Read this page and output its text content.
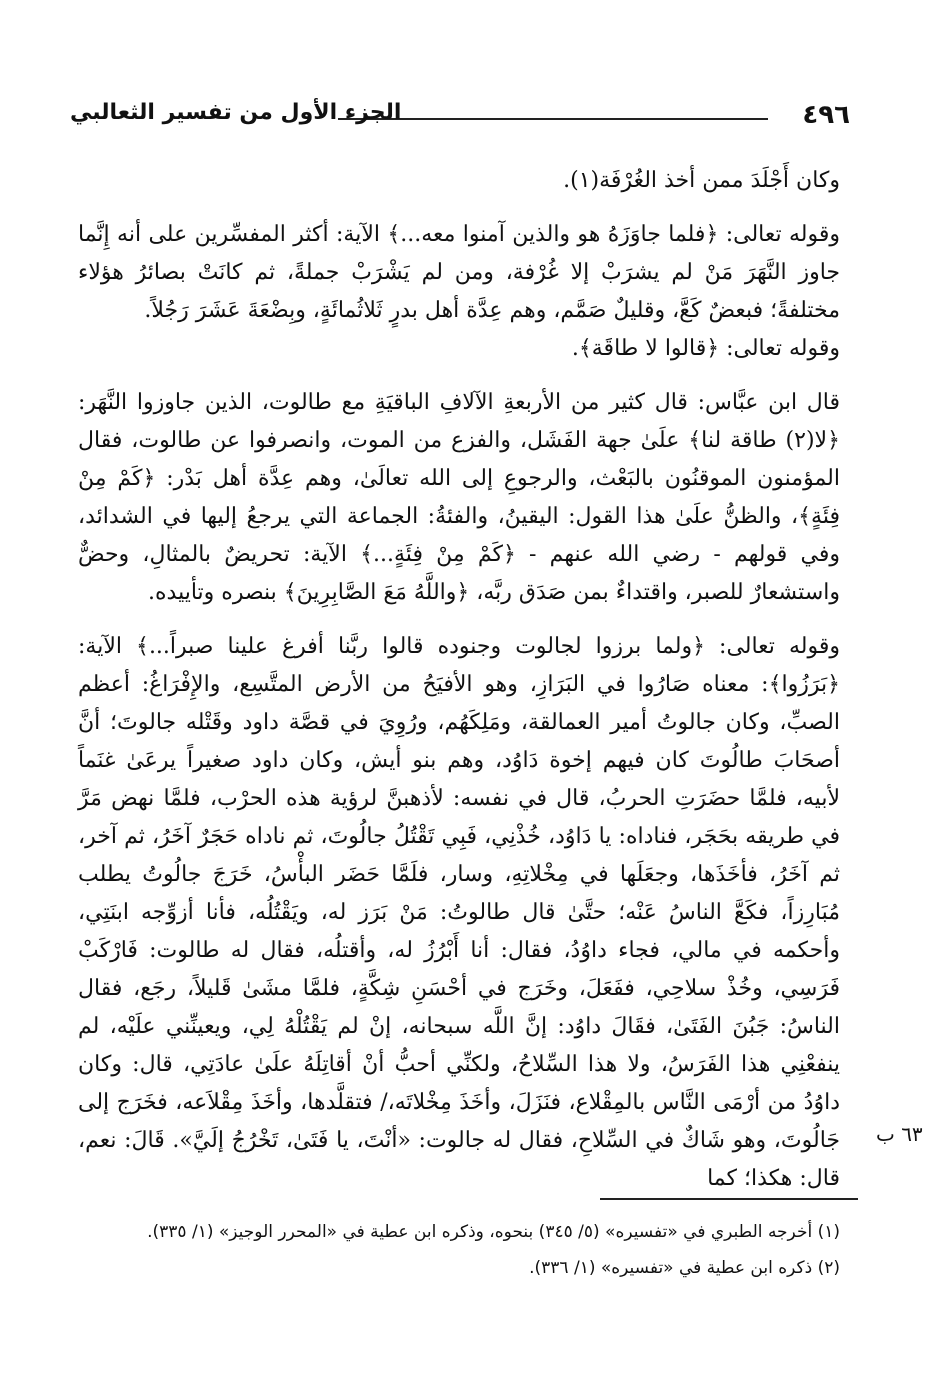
٤٩٦
الجزء الأول من تفسير الثعالبي

وكان أَجْلَدَ ممن أخذ الغُرْفَة(١).

وقوله تعالى: ﴿فلما جاوَزَهُ هو والذين آمنوا معه...﴾ الآية: أكثر المفسِّرين على أنه إِنَّما جاوز النَّهَرَ مَنْ لم يشرَبْ إلا غُرْفة، ومن لم يَشْرَبْ جملةً، ثم كانَتْ بصائرُ هؤلاء مختلفةً؛ فبعضٌ كَعَّ، وقليلٌ صَمَّم، وهم عِدَّة أهل بدرٍ ثَلاثُمائَةٍ، وبِضْعَةَ عَشَرَ رَجُلاً.

وقوله تعالى: ﴿قالوا لا طاقَة﴾.

قال ابن عبَّاس: قال كثير من الأربعةِ الآلافِ الباقيَةِ مع طالوت، الذين جاوزوا النَّهَر: ﴿لا(٢) طاقة لنا﴾ علَىٰ جهة الفَشَل، والفزع من الموت، وانصرفوا عن طالوت، فقال المؤمنون الموقنُون بالبَعْث، والرجوعِ إلى الله تعالَىٰ، وهم عِدَّة أهل بَدْر: ﴿كَمْ مِنْ فِئَةٍ﴾، والظنُّ علَىٰ هذا القول: اليقينُ، والفئةُ: الجماعة التي يرجعُ إليها في الشدائد، وفي قولهم - رضي الله عنهم - ﴿كَمْ مِنْ فِئَةٍ...﴾ الآية: تحريضٌ بالمثالِ، وحضٌّ واستشعارٌ للصبر، واقتداءٌ بمن صَدَق ربَّه، ﴿واللَّهُ مَعَ الصَّابِرِينَ﴾ بنصره وتأييده.

وقوله تعالى: ﴿ولما برزوا لجالوت وجنوده قالوا ربَّنا أفرغ علينا صبراً...﴾ الآية: ﴿بَرَزُوا﴾: معناه صَارُوا في البَرَازِ، وهو الأفيَحُ من الأرض المتَّسِع، والإِفْرَاغُ: أعظم الصبِّ، وكان جالوتُ أمير العمالقة، ومَلِكَهُم، ورُوِيَ في قصَّة داود وقَتْله جالوتَ؛ أنَّ أصحَابَ طالُوتَ كان فيهم إخوة دَاوُد، وهم بنو أيش، وكان داود صغيراً يرعَىٰ غنَماً لأبيه، فلمَّا حضَرَتِ الحربُ، قال في نفسه: لأذهبنَّ لرؤية هذه الحرْب، فلمَّا نهض مَرَّ في طريقه بحَجَر، فناداه: يا دَاوُد، خُذْنِي، فَبِي تَقْتُلُ جالُوتَ، ثم ناداه حَجَرٌ آخَرُ، ثم آخر، ثم آخَرُ، فأخَذَها، وجعَلَها في مِخْلاتِهِ، وسار، فلَمَّا حَضَر البأْسُ، خَرَجَ جالُوتُ يطلب مُبَارِزاً، فكَعَّ الناسُ عَنْه؛ حتَّىٰ قال طالوتُ: مَنْ بَرَز له، ويَقْتُلُه، فأنا أزوِّجه ابنَتِي، وأحكمه في مالي، فجاء داوُدُ، فقال: أنا أَبْرُزُ له، وأقتلُه، فقال له طالوت: فَارْكَبْ فَرَسِي، وخُذْ سلاحِي، ففَعَلَ، وخَرَج في أحْسَنِ شِكَّةٍ، فلمَّا مشَىٰ قَليلاً، رجَع، فقال الناسُ: جَبُنَ الفَتَىٰ، فقَالَ داوُد: إنَّ اللَّه سبحانه، إنْ لم يَقْتُلْهُ لِي، ويعينِّني علَيْه، لم ينفعْنِي هذا الفَرَسُ، ولا هذا السِّلاحُ، ولكنِّي أحبُّ أنْ أقاتِلَهُ علَىٰ عادَتِي، قال: وكان داوُدُ من أرْمَى النَّاس بالمِقْلاع، فنَزَلَ، وأخَذَ مِخْلاتَه،/ فتقلَّدها، وأخَذَ مِقْلاَعه، فخَرَج إلى جَالُوتَ، وهو شَاكٌ في السِّلاحِ، فقال له جالوت: «أنْتَ، يا فَتَىٰ، تَخْرُجُ إلَيَّ». قَالَ: نعم، قال: هكذا؛ كما

٦٣ ب

(١) أخرجه الطبري في «تفسيره» (٥/ ٣٤٥) بنحوه، وذكره ابن عطية في «المحرر الوجيز» (١/ ٣٣٥).

(٢) ذكره ابن عطية في «تفسيره» (١/ ٣٣٦).
